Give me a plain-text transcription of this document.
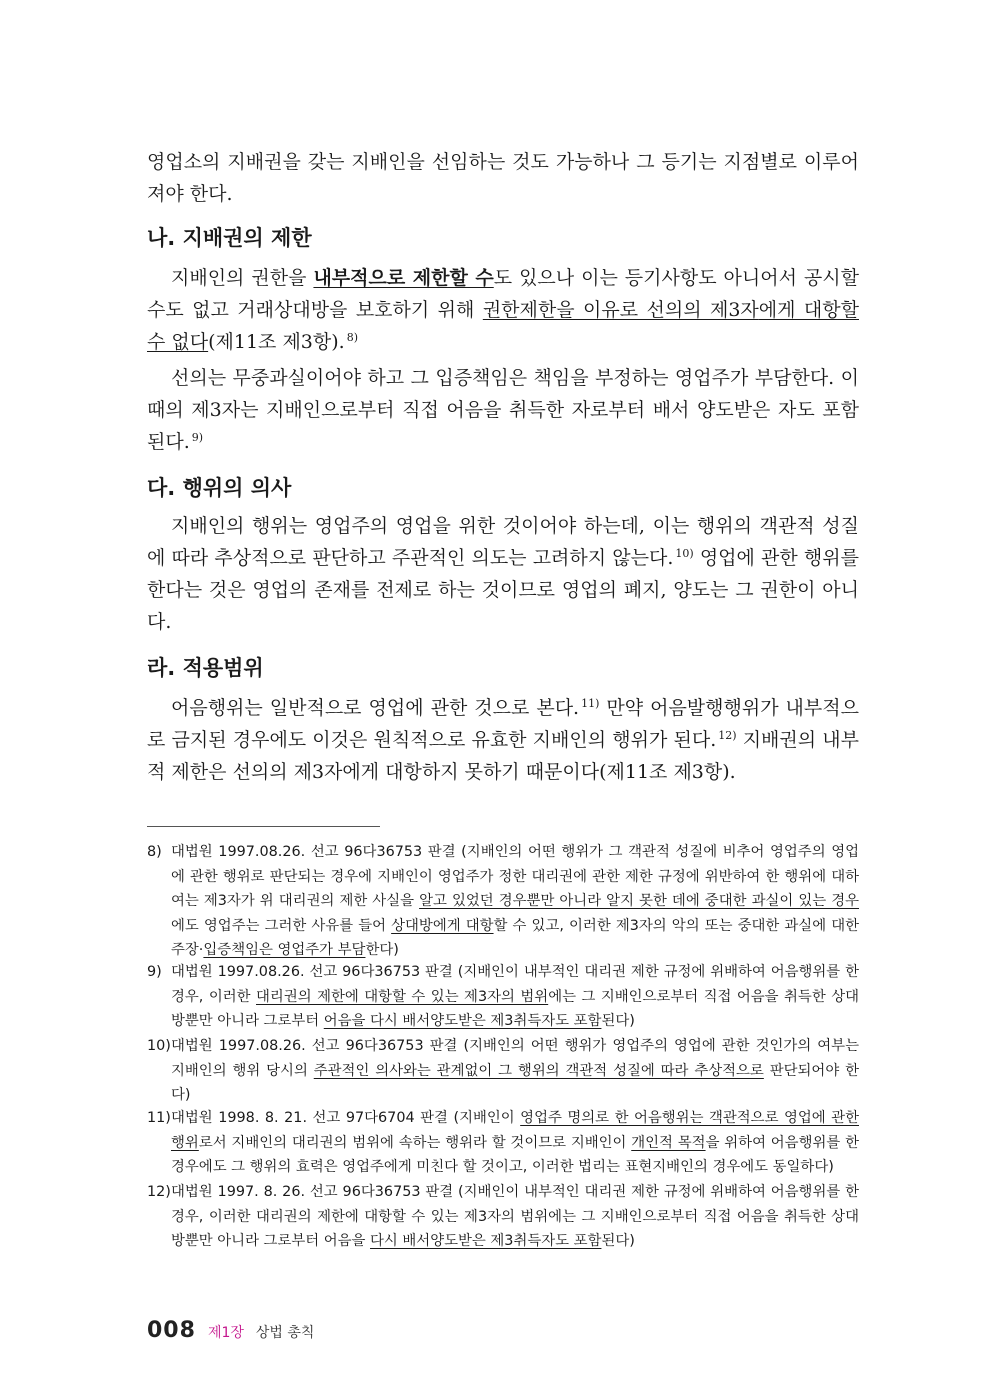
영업소의 지배권을 갖는 지배인을 선임하는 것도 가능하나 그 등기는 지점별로 이루어져야 한다.

나. 지배권의 제한

지배인의 권한을 내부적으로 제한할 수도 있으나 이는 등기사항도 아니어서 공시할 수도 없고 거래상대방을 보호하기 위해 권한제한을 이유로 선의의 제3자에게 대항할 수 없다(제11조 제3항). $^{8)}$

선의는 무중과실이어야 하고 그 입증책임은 책임을 부정하는 영업주가 부담한다. 이때의 제3자는 지배인으로부터 직접 어음을 취득한 자로부터 배서 양도받은 자도 포함된다. $^{9)}$

다. 행위의 의사

지배인의 행위는 영업주의 영업을 위한 것이어야 하는데, 이는 행위의 객관적 성질에 따라 추상적으로 판단하고 주관적인 의도는 고려하지 않는다. $^{10)}$ 영업에 관한 행위를 한다는 것은 영업의 존재를 전제로 하는 것이므로 영업의 폐지, 양도는 그 권한이 아니다.

라. 적용범위

어음행위는 일반적으로 영업에 관한 것으로 본다. $^{11)}$ 만약 어음발행행위가 내부적으로 금지된 경우에도 이것은 원칙적으로 유효한 지배인의 행위가 된다. $^{12)}$ 지배권의 내부적 제한은 선의의 제3자에게 대항하지 못하기 때문이다(제11조 제3항).

8) 대법원 1997.08.26. 선고 96다36753 판결 (지배인의 어떤 행위가 그 객관적 성질에 비추어 영업주의 영업에 관한 행위로 판단되는 경우에 지배인이 영업주가 정한 대리권에 관한 제한 규정에 위반하여 한 행위에 대하여는 제3자가 위 대리권의 제한 사실을 알고 있었던 경우뿐만 아니라 알지 못한 데에 중대한 과실이 있는 경우에도 영업주는 그러한 사유를 들어 상대방에게 대항할 수 있고, 이러한 제3자의 악의 또는 중대한 과실에 대한 주장·입증책임은 영업주가 부담한다)
9) 대법원 1997.08.26. 선고 96다36753 판결 (지배인이 내부적인 대리권 제한 규정에 위배하여 어음행위를 한 경우, 이러한 대리권의 제한에 대항할 수 있는 제3자의 범위에는 그 지배인으로부터 직접 어음을 취득한 상대방뿐만 아니라 그로부터 어음을 다시 배서양도받은 제3취득자도 포함된다)
10) 대법원 1997.08.26. 선고 96다36753 판결 (지배인의 어떤 행위가 영업주의 영업에 관한 것인가의 여부는 지배인의 행위 당시의 주관적인 의사와는 관계없이 그 행위의 객관적 성질에 따라 추상적으로 판단되어야 한다)
11) 대법원 1998. 8. 21. 선고 97다6704 판결 (지배인이 영업주 명의로 한 어음행위는 객관적으로 영업에 관한 행위로서 지배인의 대리권의 범위에 속하는 행위라 할 것이므로 지배인이 개인적 목적을 위하여 어음행위를 한 경우에도 그 행위의 효력은 영업주에게 미친다 할 것이고, 이러한 법리는 표현지배인의 경우에도 동일하다)
12) 대법원 1997. 8. 26. 선고 96다36753 판결 (지배인이 내부적인 대리권 제한 규정에 위배하여 어음행위를 한 경우, 이러한 대리권의 제한에 대항할 수 있는 제3자의 범위에는 그 지배인으로부터 직접 어음을 취득한 상대방뿐만 아니라 그로부터 어음을 다시 배서양도받은 제3취득자도 포함된다)
008 제1장 상법 총칙
